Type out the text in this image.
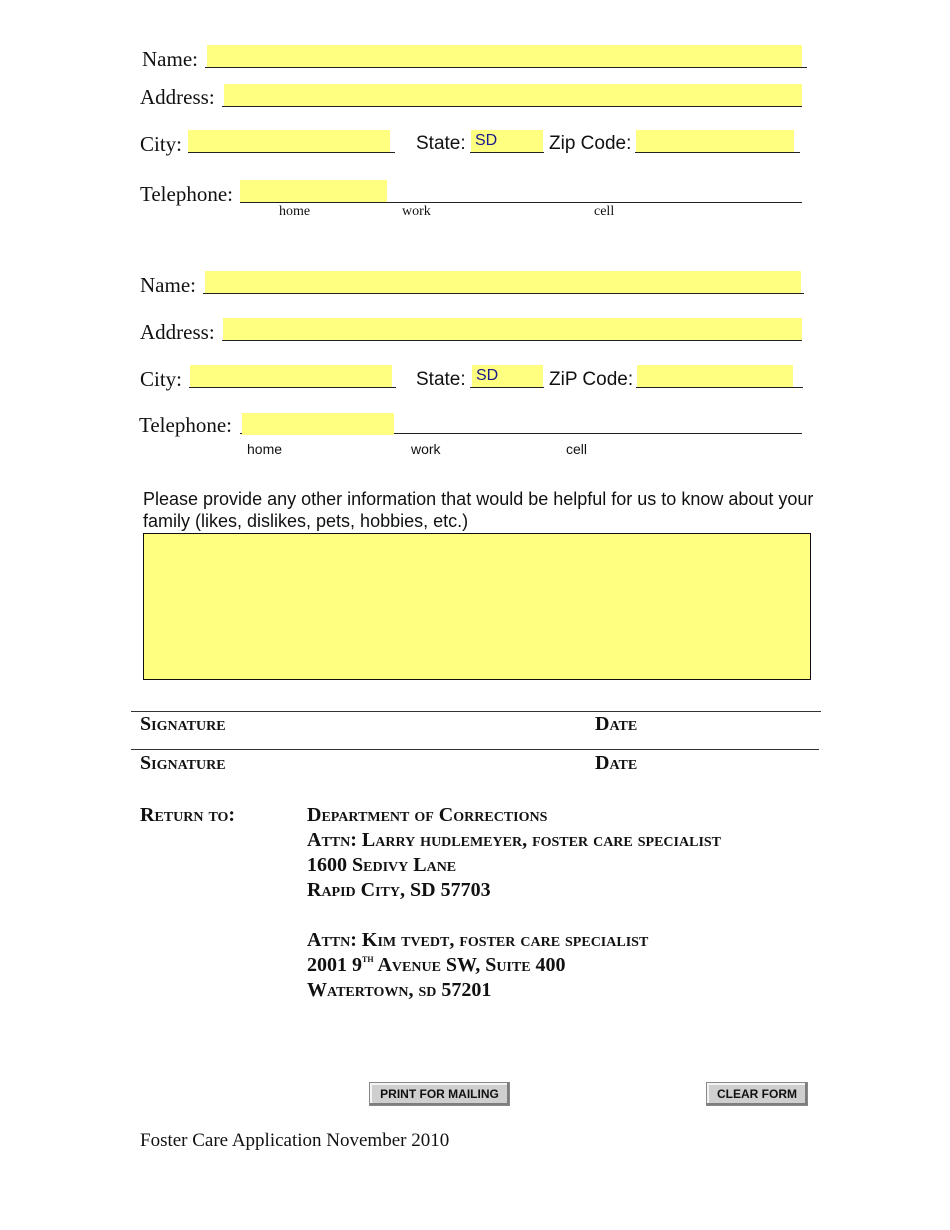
Name:
Address:
City:	State: SD	Zip Code:
Telephone:
home	work	cell
Name:
Address:
City:	State: SD	ZiP Code:
Telephone:
home	work	cell
Please provide any other information that would be helpful for us to know about your family (likes, dislikes, pets, hobbies, etc.)
Signature	Date
Signature	Date
Return to:	Department of Corrections
Attn: Larry hudlemeyer, foster care specialist
1600 Sedivy Lane
Rapid City, SD 57703
Attn: Kim tvedt, foster care specialist
2001 9th Avenue SW, Suite 400
Watertown, sd 57201
PRINT FOR MAILING	CLEAR FORM
Foster Care Application November 2010
